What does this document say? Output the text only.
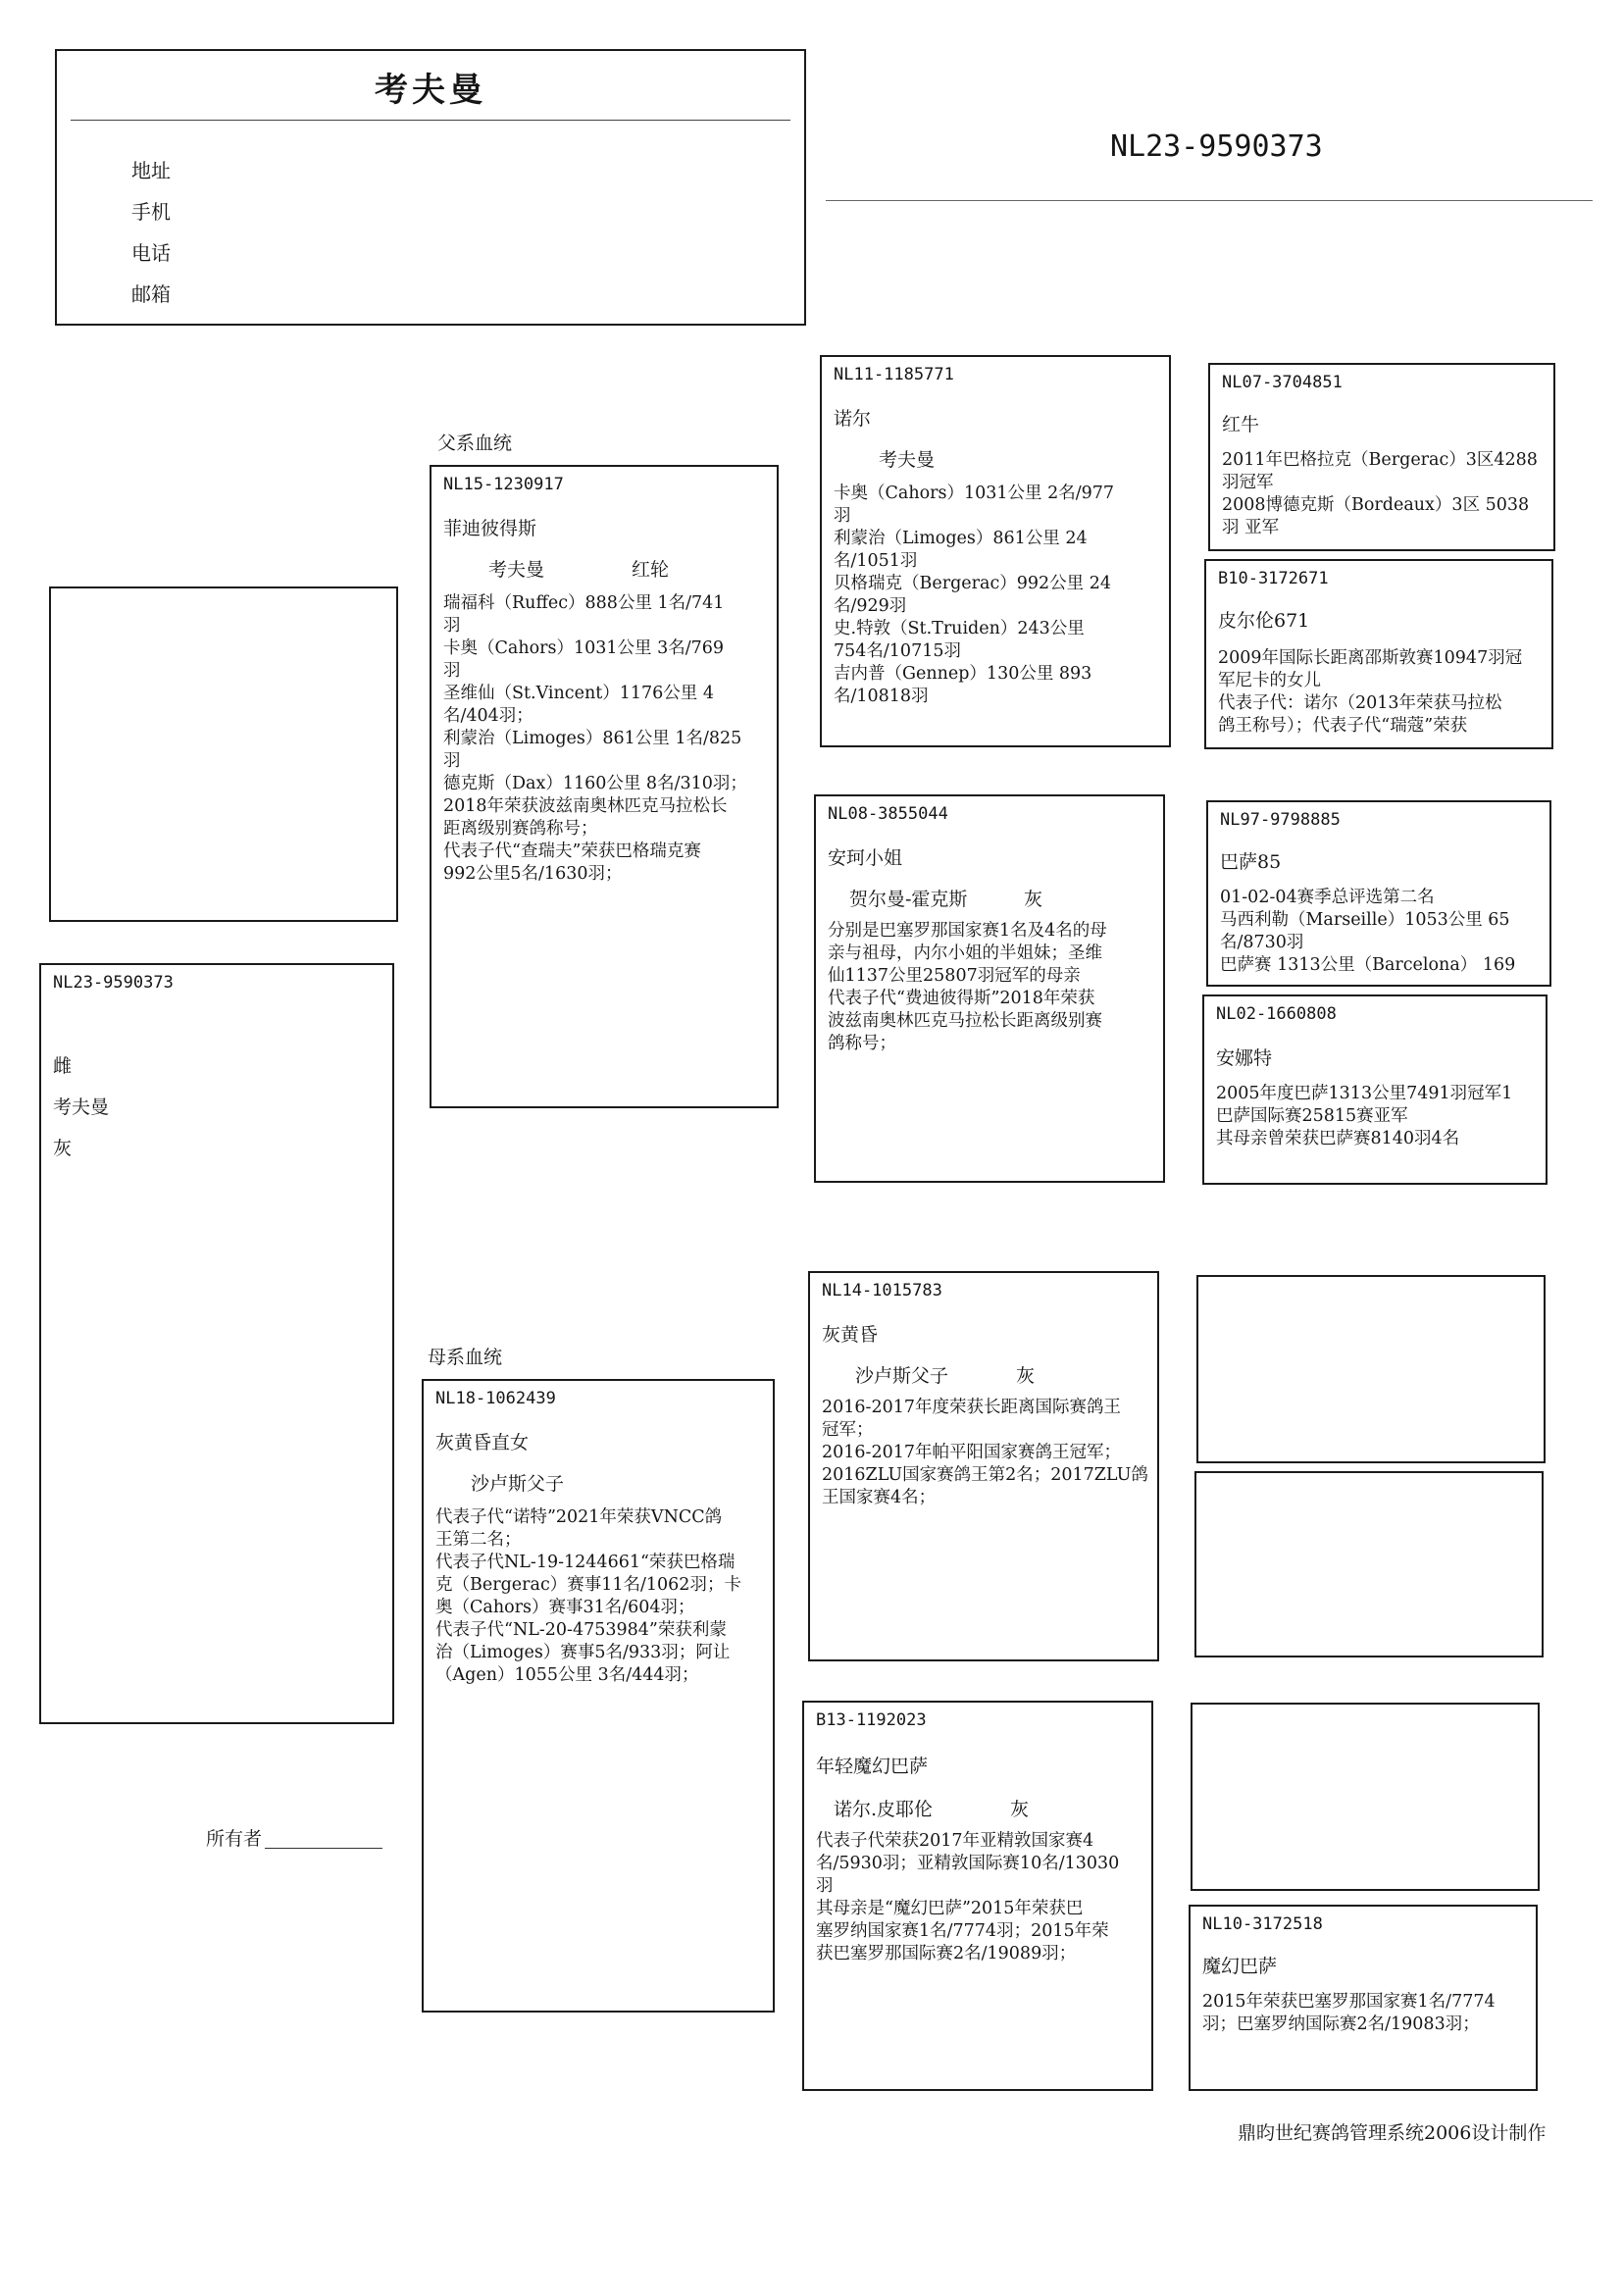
考夫曼
地址
手机
电话
邮箱
NL23-9590373
父系血统
母系血统
NL23-9590373
雌
考夫曼
灰
NL15-1230917
菲迪彼得斯
考夫曼	红轮
瑞福科（Ruffec）888公里 1名/741
羽
卡奥（Cahors）1031公里 3名/769
羽
圣维仙（St.Vincent）1176公里 4
名/404羽；
利蒙治（Limoges）861公里 1名/825
羽
德克斯（Dax）1160公里 8名/310羽；
2018年荣获波兹南奥林匹克马拉松长
距离级别赛鸽称号；
代表子代“查瑞夫”荣获巴格瑞克赛
992公里5名/1630羽；
NL11-1185771
诺尔
考夫曼
卡奥（Cahors）1031公里 2名/977
羽
利蒙治（Limoges）861公里 24
名/1051羽
贝格瑞克（Bergerac）992公里 24
名/929羽
史.特敦（St.Truiden）243公里
754名/10715羽
吉内普（Gennep）130公里 893
名/10818羽
NL08-3855044
安珂小姐
贺尔曼-霍克斯	灰
分别是巴塞罗那国家赛1名及4名的母
亲与祖母，内尔小姐的半姐妹；圣维
仙1137公里25807羽冠军的母亲
代表子代“费迪彼得斯”2018年荣获
波兹南奥林匹克马拉松长距离级别赛
鸽称号；
NL07-3704851
红牛
2011年巴格拉克（Bergerac）3区4288
羽冠军
2008博德克斯（Bordeaux）3区 5038
羽 亚军
B10-3172671
皮尔伦671
2009年国际长距离邵斯敦赛10947羽冠
军尼卡的女儿
代表子代：诺尔（2013年荣获马拉松
鸽王称号）；代表子代“瑞蔻”荣获
NL97-9798885
巴萨85
01-02-04赛季总评选第二名
马西利勒（Marseille）1053公里 65
名/8730羽
巴萨赛 1313公里（Barcelona） 169
NL02-1660808
安娜特
2005年度巴萨1313公里7491羽冠军1
巴萨国际赛25815赛亚军
其母亲曾荣获巴萨赛8140羽4名
NL18-1062439
灰黄昏直女
沙卢斯父子
代表子代“诺特”2021年荣获VNCC鸽
王第二名；
代表子代NL-19-1244661“荣获巴格瑞
克（Bergerac）赛事11名/1062羽；卡
奥（Cahors）赛事31名/604羽；
代表子代“NL-20-4753984”荣获利蒙
治（Limoges）赛事5名/933羽；阿让
（Agen）1055公里 3名/444羽；
NL14-1015783
灰黄昏
沙卢斯父子	灰
2016-2017年度荣获长距离国际赛鸽王
冠军；
2016-2017年帕平阳国家赛鸽王冠军；
2016ZLU国家赛鸽王第2名；2017ZLU鸽
王国家赛4名；
B13-1192023
年轻魔幻巴萨
诺尔.皮耶伦	灰
代表子代荣获2017年亚精敦国家赛4
名/5930羽；亚精敦国际赛10名/13030
羽
其母亲是“魔幻巴萨”2015年荣获巴
塞罗纳国家赛1名/7774羽；2015年荣
获巴塞罗那国际赛2名/19089羽；
NL10-3172518
魔幻巴萨
2015年荣获巴塞罗那国家赛1名/7774
羽；巴塞罗纳国际赛2名/19083羽；
所有者
鼎昀世纪赛鸽管理系统2006设计制作
